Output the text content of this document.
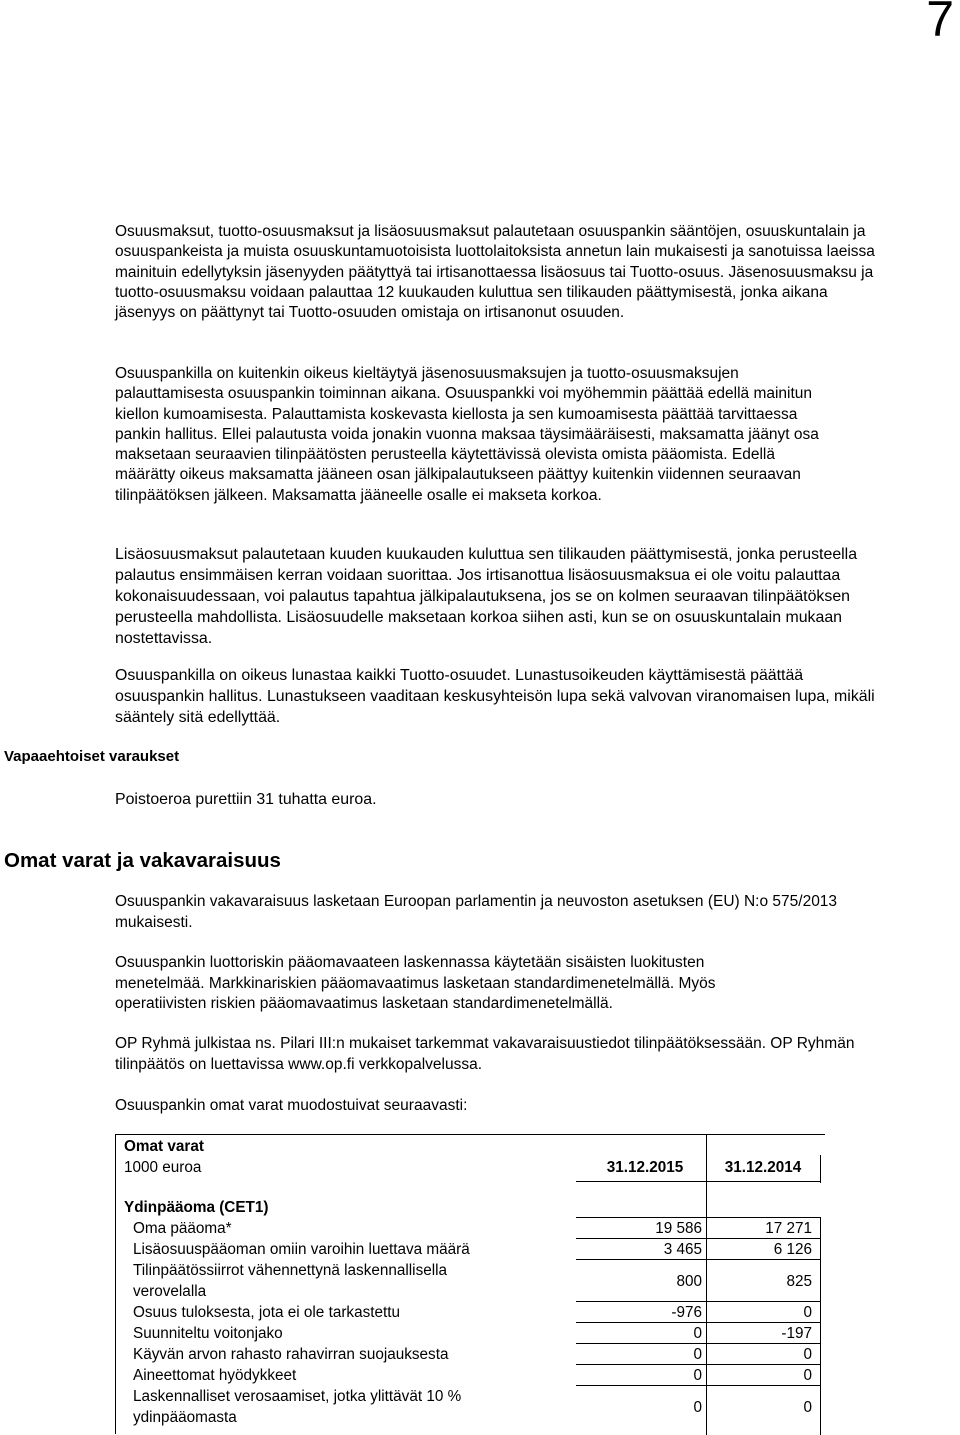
7

Osuusmaksut, tuotto-osuusmaksut ja lisäosuusmaksut palautetaan osuuspankin sääntöjen, osuuskuntalain ja osuuspankeista ja muista osuuskuntamuotoisista luottolaitoksista annetun lain mukaisesti ja sanotuissa laeissa mainituin edellytyksin jäsenyyden päätyttyä tai irtisanottaessa lisäosuus tai Tuotto-osuus. Jäsenosuusmaksu ja tuotto-osuusmaksu voidaan palauttaa 12 kuukauden kuluttua sen tilikauden päättymisestä, jonka aikana jäsenyys on päättynyt tai Tuotto-osuuden omistaja on irtisanonut osuuden.

Osuuspankilla on kuitenkin oikeus kieltäytyä jäsenosuusmaksujen ja tuotto-osuusmaksujen palauttamisesta osuuspankin toiminnan aikana. Osuuspankki voi myöhemmin päättää edellä mainitun kiellon kumoamisesta. Palauttamista koskevasta kiellosta ja sen kumoamisesta päättää tarvittaessa pankin hallitus. Ellei palautusta voida jonakin vuonna maksaa täysimääräisesti, maksamatta jäänyt osa maksetaan seuraavien tilinpäätösten perusteella käytettävissä olevista omista pääomista. Edellä määrätty oikeus maksamatta jääneen osan jälkipalautukseen päättyy kuitenkin viidennen seuraavan tilinpäätöksen jälkeen. Maksamatta jääneelle osalle ei makseta korkoa.

Lisäosuusmaksut palautetaan kuuden kuukauden kuluttua sen tilikauden päättymisestä, jonka perusteella palautus ensimmäisen kerran voidaan suorittaa. Jos irtisanottua lisäosuusmaksua ei ole voitu palauttaa kokonaisuudessaan, voi palautus tapahtua jälkipalautuksena, jos se on kolmen seuraavan tilinpäätöksen perusteella mahdollista. Lisäosuudelle maksetaan korkoa siihen asti, kun se on osuuskuntalain mukaan nostettavissa.

Osuuspankilla on oikeus lunastaa kaikki Tuotto-osuudet. Lunastusoikeuden käyttämisestä päättää osuuspankin hallitus. Lunastukseen vaaditaan keskusyhteisön lupa sekä valvovan viranomaisen lupa, mikäli sääntely sitä edellyttää.

Vapaaehtoiset varaukset

Poistoeroa purettiin 31 tuhatta euroa.

Omat varat ja vakavaraisuus

Osuuspankin vakavaraisuus lasketaan Euroopan parlamentin ja neuvoston asetuksen (EU) N:o 575/2013 mukaisesti.

Osuuspankin luottoriskin pääomavaateen laskennassa käytetään sisäisten luokitusten menetelmää. Markkinariskien pääomavaatimus lasketaan standardimenetelmällä. Myös operatiivisten riskien pääomavaatimus lasketaan standardimenetelmällä.

OP Ryhmä julkistaa ns. Pilari III:n mukaiset tarkemmat vakavaraisuustiedot tilinpäätöksessään. OP Ryhmän tilinpäätös on luettavissa www.op.fi verkkopalvelussa.

Osuuspankin omat varat muodostuivat seuraavasti:

Omat varat
1000 euroa	31.12.2015	31.12.2014
Ydinpääoma (CET1)
Oma pääoma*	19 586	17 271
Lisäosuuspääoman omiin varoihin luettava määrä	3 465	6 126
Tilinpäätössiirrot vähennettynä laskennallisella
verovelalla
800	825
Osuus tuloksesta, jota ei ole tarkastettu	-976	0
Suunniteltu voitonjako	0	-197
Käyvän arvon rahasto rahavirran suojauksesta	0	0
Aineettomat hyödykkeet	0	0
Laskennalliset verosaamiset, jotka ylittävät 10 %
ydinpääomasta
0	0
